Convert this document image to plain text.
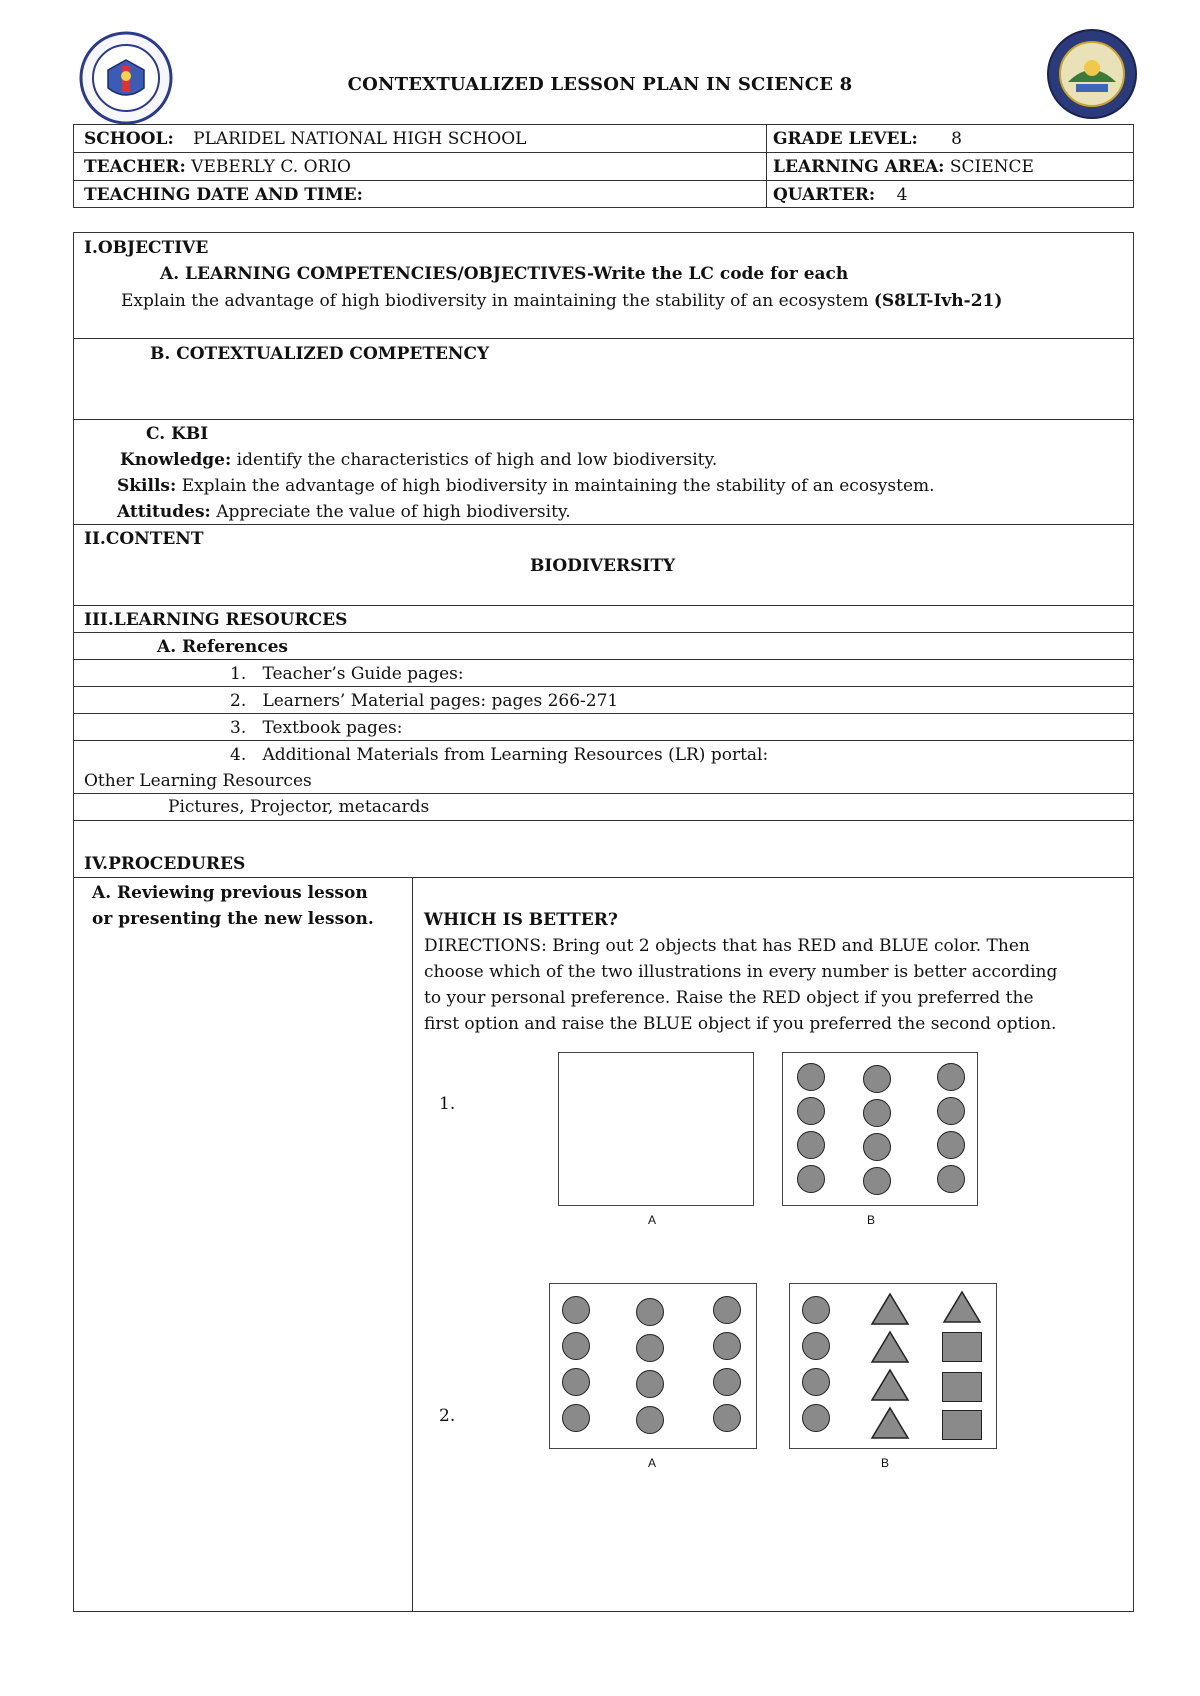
CONTEXTUALIZED LESSON PLAN IN SCIENCE 8
SCHOOL: PLARIDEL NATIONAL HIGH SCHOOL	GRADE LEVEL: 8
TEACHER: VEBERLY C. ORIO	LEARNING AREA: SCIENCE
TEACHING DATE AND TIME:	QUARTER: 4
I.OBJECTIVE
A. LEARNING COMPETENCIES/OBJECTIVES-Write the LC code for each
Explain the advantage of high biodiversity in maintaining the stability of an ecosystem (S8LT-Ivh-21)
B. COTEXTUALIZED COMPETENCY
C. KBI
Knowledge: identify the characteristics of high and low biodiversity.
Skills: Explain the advantage of high biodiversity in maintaining the stability of an ecosystem.
Attitudes: Appreciate the value of high biodiversity.
II.CONTENT
BIODIVERSITY
III.LEARNING RESOURCES
A. References
1. Teacher’s Guide pages:
2. Learners’ Material pages: pages 266-271
3. Textbook pages:
4. Additional Materials from Learning Resources (LR) portal:
Other Learning Resources
Pictures, Projector, metacards
IV.PROCEDURES
A. Reviewing previous lesson
or presenting the new lesson.	WHICH IS BETTER?
DIRECTIONS: Bring out 2 objects that has RED and BLUE color. Then
choose which of the two illustrations in every number is better according
to your personal preference. Raise the RED object if you preferred the
first option and raise the BLUE object if you preferred the second option.
1.
A	B
2.
A	B
